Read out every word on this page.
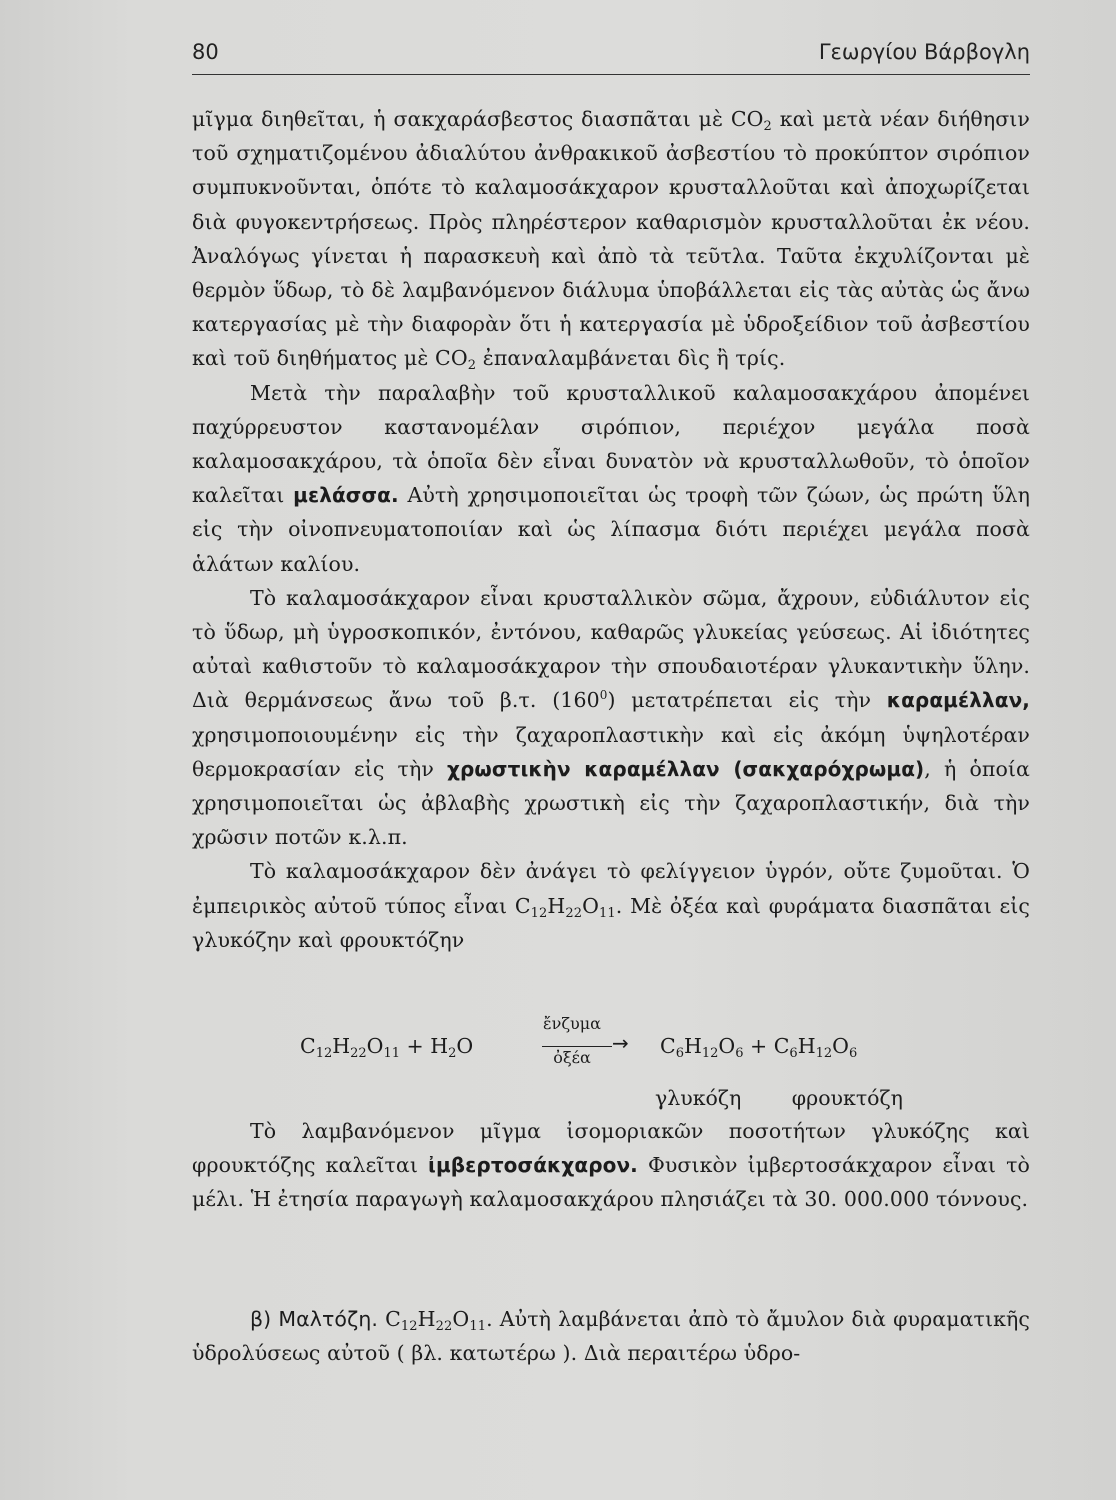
80	Γεωργίου Βάρβογλη

μῖγμα διηθεῖται, ἡ σακχαράσβεστος διασπᾶται μὲ $CO_2$ καὶ μετὰ νέαν διήθησιν τοῦ σχηματιζομένου ἀδιαλύτου ἀνθρακικοῦ ἀσβεστίου τὸ προκύπτον σιρόπιον συμπυκνοῦνται, ὁπότε τὸ καλαμοσάκχαρον κρυσταλλοῦται καὶ ἀποχωρίζεται διὰ φυγοκεντρήσεως. Πρὸς πληρέστερον καθαρισμὸν κρυσταλλοῦται ἐκ νέου. Ἀναλόγως γίνεται ἡ παρασκευὴ καὶ ἀπὸ τὰ τεῦτλα. Ταῦτα ἐκχυλίζονται μὲ θερμὸν ὕδωρ, τὸ δὲ λαμβανόμενον διάλυμα ὑποβάλλεται εἰς τὰς αὐτὰς ὡς ἄνω κατεργασίας μὲ τὴν διαφορὰν ὅτι ἡ κατεργασία μὲ ὑδροξείδιον τοῦ ἀσβεστίου καὶ τοῦ διηθήματος μὲ $CO_2$ ἐπαναλαμβάνεται δὶς ἢ τρίς.

Μετὰ τὴν παραλαβὴν τοῦ κρυσταλλικοῦ καλαμοσακχάρου ἀπομένει παχύρρευστον καστανομέλαν σιρόπιον, περιέχον μεγάλα ποσὰ καλαμοσακχάρου, τὰ ὁποῖα δὲν εἶναι δυνατὸν νὰ κρυσταλλωθοῦν, τὸ ὁποῖον καλεῖται μελάσσα. Αὐτὴ χρησιμοποιεῖται ὡς τροφὴ τῶν ζώων, ὡς πρώτη ὕλη εἰς τὴν οἰνοπνευματοποιίαν καὶ ὡς λίπασμα διότι περιέχει μεγάλα ποσὰ ἁλάτων καλίου.

Τὸ καλαμοσάκχαρον εἶναι κρυσταλλικὸν σῶμα, ἄχρουν, εὐδιάλυτον εἰς τὸ ὕδωρ, μὴ ὑγροσκοπικόν, ἐντόνου, καθαρῶς γλυκείας γεύσεως. Αἱ ἰδιότητες αὐταὶ καθιστοῦν τὸ καλαμοσάκχαρον τὴν σπουδαιοτέραν γλυκαντικὴν ὕλην. Διὰ θερμάνσεως ἄνω τοῦ β.τ. $(160^0)$ μετατρέπεται εἰς τὴν καραμέλλαν, χρησιμοποιουμένην εἰς τὴν ζαχαροπλαστικὴν καὶ εἰς ἀκόμη ὑψηλοτέραν θερμοκρασίαν εἰς τὴν χρωστικὴν καραμέλλαν (σακχαρόχρωμα), ἡ ὁποία χρησιμοποιεῖται ὡς ἀβλαβὴς χρωστικὴ εἰς τὴν ζαχαροπλαστικήν, διὰ τὴν χρῶσιν ποτῶν κ.λ.π.

Τὸ καλαμοσάκχαρον δὲν ἀνάγει τὸ φελίγγειον ὑγρόν, οὔτε ζυμοῦται. Ὁ ἐμπειρικὸς αὐτοῦ τύπος εἶναι $C_{12}H_{22}O_{11}$. Μὲ ὀξέα καὶ φυράματα διασπᾶται εἰς γλυκόζην καὶ φρουκτόζην

$C_{12}H_{22}O_{11} + H_2O$
ἔνζυμα
ὀξέα
→ $C_6H_{12}O_6 + C_6H_{12}O_6$
γλυκόζη φρουκτόζη

Τὸ λαμβανόμενον μῖγμα ἰσομοριακῶν ποσοτήτων γλυκόζης καὶ φρουκτόζης καλεῖται ἰμβερτοσάκχαρον. Φυσικὸν ἰμβερτοσάκχαρον εἶναι τὸ μέλι. Ἡ ἐτησία παραγωγὴ καλαμοσακχάρου πλησιάζει τὰ 30. 000.000 τόννους.

β) Μαλτόζη. $C_{12}H_{22}O_{11}$. Αὐτὴ λαμβάνεται ἀπὸ τὸ ἄμυλον διὰ φυραματικῆς ὑδρολύσεως αὐτοῦ ( βλ. κατωτέρω ). Διὰ περαιτέρω ὑδρο-
